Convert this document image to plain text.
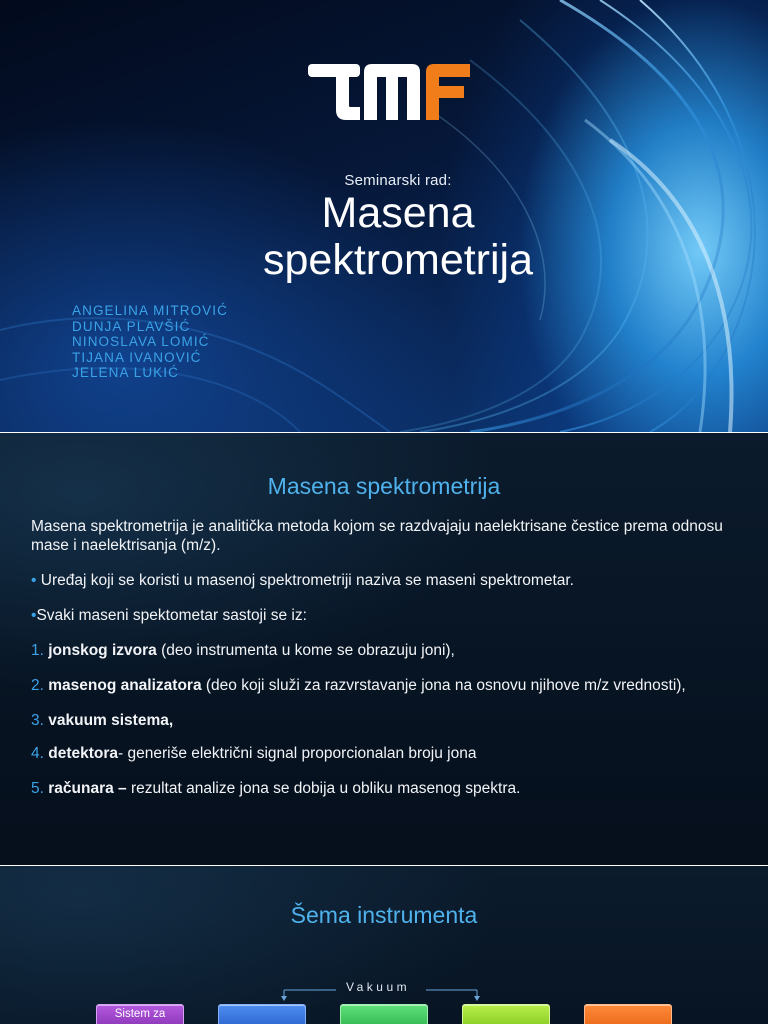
Seminarski rad:
Masena
spektrometrija
ANGELINA MITROVIĆ
DUNJA PLAVŠIĆ
NINOSLAVA LOMIĆ
TIJANA IVANOVIĆ
JELENA LUKIĆ
Masena spektrometrija

Masena spektrometrija je analitička metoda kojom se razdvajaju naelektrisane čestice prema odnosu mase i naelektrisanja (m/z).

• Uređaj koji se koristi u masenoj spektrometriji naziva se maseni spektrometar.

•Svaki maseni spektometar sastoji se iz:

1. jonskog izvora (deo instrumenta u kome se obrazuju joni),

2. masenog analizatora (deo koji služi za razvrstavanje jona na osnovu njihove m/z vrednosti),

3. vakuum sistema,

4. detektora- generiše električni signal proporcionalan broju jona

5. računara – rezultat analize jona se dobija u obliku masenog spektra.

Šema instrumenta
Vakuum
Sistem za
